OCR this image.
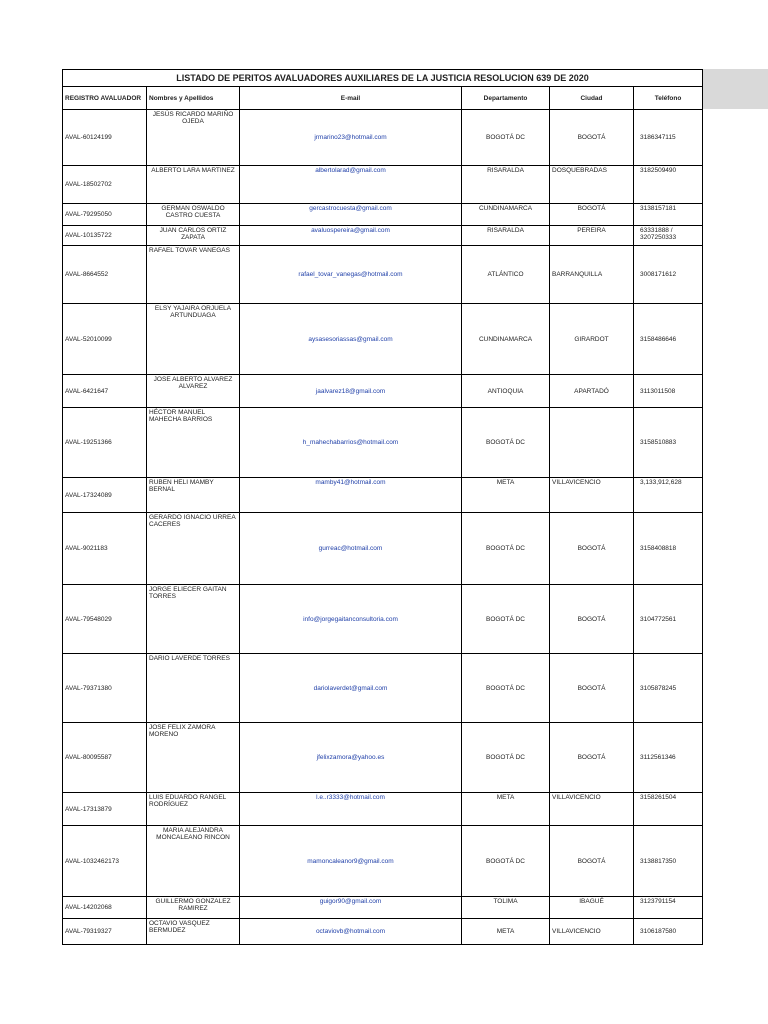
LISTADO DE PERITOS AVALUADORES AUXILIARES DE LA JUSTICIA RESOLUCION 639 DE 2020					
REGISTRO AVALUADOR	Nombres y Apellidos	E-mail	Departamento	Ciudad	Teléfono
AVAL-60124199	JESÚS RICARDO MARIÑO OJEDA	jrmarino23@hotmail.com	BOGOTÁ DC	BOGOTÁ	3186347115
AVAL-18502702	ALBERTO LARA MARTINEZ	albertolarad@gmail.com	RISARALDA	DOSQUEBRADAS	3182509490
AVAL-79295050	GERMAN OSWALDO CASTRO CUESTA	gercastrocuesta@gmail.com	CUNDINAMARCA	BOGOTÁ	3138157181
AVAL-10135722	JUAN CARLOS ORTIZ ZAPATA	avaluospereira@gmail.com	RISARALDA	PEREIRA	63331888 / 3207250333
AVAL-8664552	RAFAEL TOVAR VANEGAS	rafael_tovar_vanegas@hotmail.com	ATLÁNTICO	BARRANQUILLA	3008171612
AVAL-52010099	ELSY YAJAIRA ORJUELA ARTUNDUAGA	aysasesoriassas@gmail.com	CUNDINAMARCA	GIRARDOT	3158486646
AVAL-6421647	JOSE ALBERTO ALVAREZ ALVAREZ	jaalvarez18@gmail.com	ANTIOQUIA	APARTADÓ	3113011508
AVAL-19251366	HÉCTOR MANUEL MAHECHA BARRIOS	h_mahechabarrios@hotmail.com	BOGOTÁ DC		3158510883
AVAL-17324089	RUBEN HELI MAMBY BERNAL	mamby41@hotmail.com	META	VILLAVICENCIO	3,133,912,628
AVAL-9021183	GERARDO IGNACIO URREA CACERES	gurreac@hotmail.com	BOGOTÁ DC	BOGOTÁ	3158408818
AVAL-79548029	JORGE ELIECER GAITAN TORRES	info@jorgegaitanconsultoria.com	BOGOTÁ DC	BOGOTÁ	3104772561
AVAL-79371380	DARIO LAVERDE TORRES	dariolaverdet@gmail.com	BOGOTÁ DC	BOGOTÁ	3105878245
AVAL-80095587	JOSE FELIX ZAMORA MORENO	jfelixzamora@yahoo.es	BOGOTÁ DC	BOGOTÁ	3112561346
AVAL-17313879	LUIS EDUARDO RANGEL RODRÍGUEZ	l.e..r3333@hotmail.com	META	VILLAVICENCIO	3158261504
AVAL-1032462173	MARIA ALEJANDRA MONCALEANO RINCON	mamoncaleanor9@gmail.com	BOGOTÁ DC	BOGOTÁ	3138817350
AVAL-14202068	GUILLERMO GONZALEZ RAMIREZ	guigor90@gmail.com	TOLIMA	IBAGUÉ	3123791154
AVAL-79319327	OCTAVIO VASQUEZ BERMUDEZ	octaviovb@hotmail.com	META	VILLAVICENCIO	3106187580
